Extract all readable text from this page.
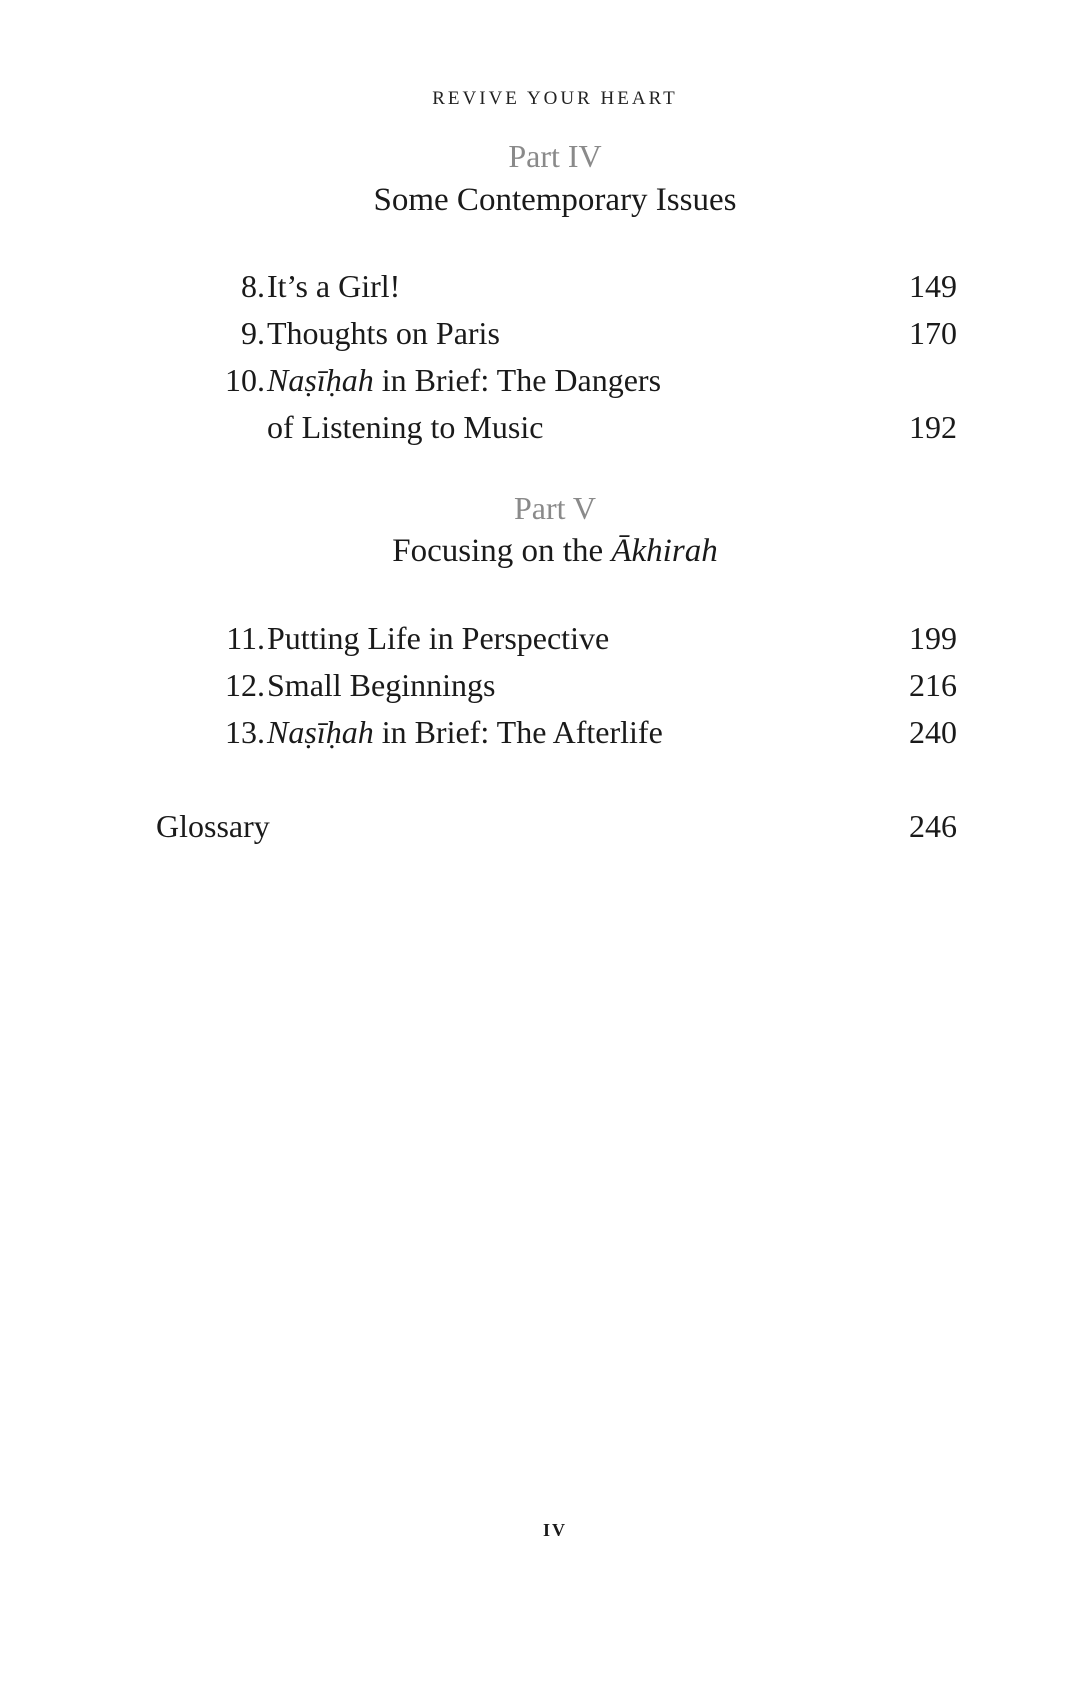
REVIVE YOUR HEART
Part IV
Some Contemporary Issues
8. It’s a Girl!	149
9. Thoughts on Paris	170
10. Naṣīḥah in Brief: The Dangers
of Listening to Music	192
Part V
Focusing on the Ākhirah
11. Putting Life in Perspective	199
12. Small Beginnings	216
13. Naṣīḥah in Brief: The Afterlife	240
Glossary	246
IV
